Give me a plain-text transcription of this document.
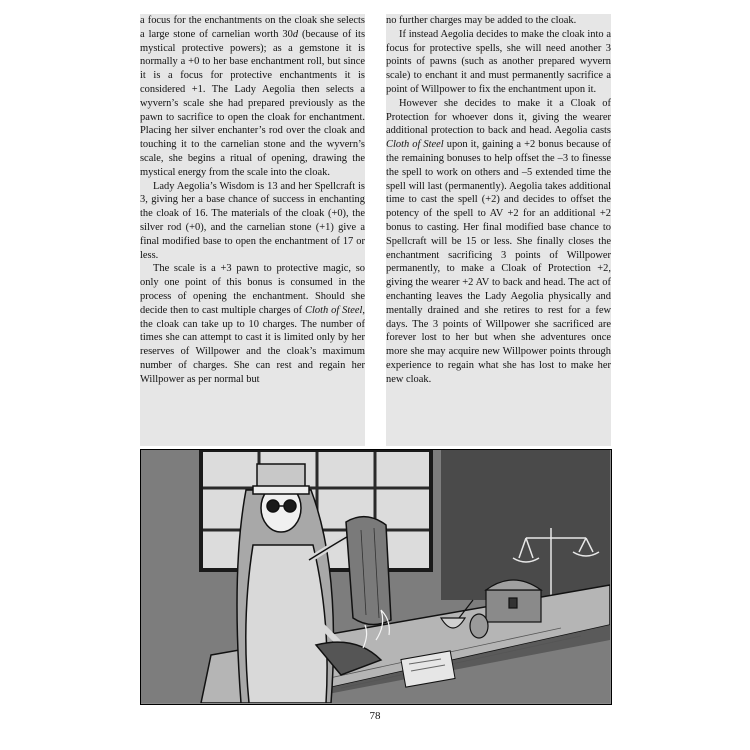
a focus for the enchantments on the cloak she selects a large stone of carnelian worth 30d (because of its mystical protective powers); as a gemstone it is normally a +0 to her base enchantment roll, but since it is a focus for protective enchantments it is considered +1. The Lady Aegolia then selects a wyvern’s scale she had prepared previously as the pawn to sacrifice to open the cloak for enchantment. Placing her silver enchanter’s rod over the cloak and touching it to the carnelian stone and the wyvern’s scale, she begins a ritual of opening, drawing the mystical energy from the scale into the cloak.

Lady Aegolia’s Wisdom is 13 and her Spellcraft is 3, giving her a base chance of success in enchanting the cloak of 16. The materials of the cloak (+0), the silver rod (+0), and the carnelian stone (+1) give a final modified base to open the enchantment of 17 or less.

The scale is a +3 pawn to protective magic, so only one point of this bonus is consumed in the process of opening the enchantment. Should she decide then to cast multiple charges of Cloth of Steel, the cloak can take up to 10 charges. The number of times she can attempt to cast it is limited only by her reserves of Willpower and the cloak’s maximum number of charges. She can rest and regain her Willpower as per normal but

no further charges may be added to the cloak.

If instead Aegolia decides to make the cloak into a focus for protective spells, she will need another 3 points of pawns (such as another prepared wyvern scale) to enchant it and must permanently sacrifice a point of Willpower to fix the enchantment upon it.

However she decides to make it a Cloak of Protection for whoever dons it, giving the wearer additional protection to back and head. Aegolia casts Cloth of Steel upon it, gaining a +2 bonus because of the remaining bonuses to help offset the –3 to finesse the spell to work on others and –5 extended time the spell will last (permanently). Aegolia takes additional time to cast the spell (+2) and decides to offset the potency of the spell to AV +2 for an additional +2 bonus to casting. Her final modified base chance to Spellcraft will be 15 or less. She finally closes the enchantment sacrificing 3 points of Willpower permanently, to make a Cloak of Protection +2, giving the wearer +2 AV to back and head. The act of enchanting leaves the Lady Aegolia physically and mentally drained and she retires to rest for a few days. The 3 points of Willpower she sacrificed are forever lost to her but when she adventures once more she may acquire new Willpower points through experience to regain what she has lost to make her new cloak.

78
